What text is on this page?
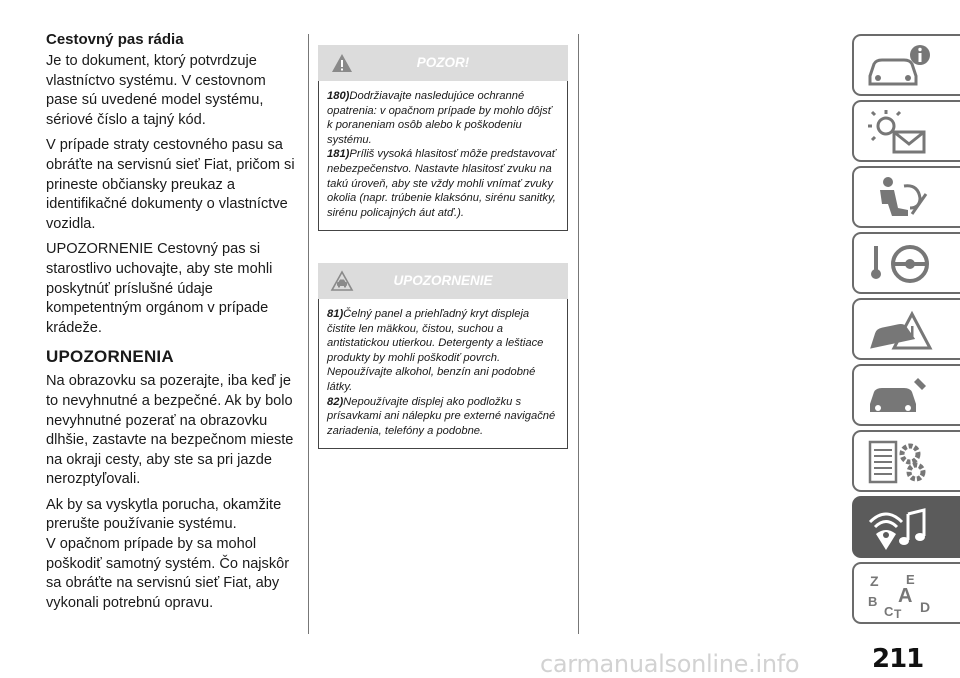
Cestovný pas rádia

Je to dokument, ktorý potvrdzuje vlastníctvo systému. V cestovnom pase sú uvedené model systému, sériové číslo a tajný kód.

V prípade straty cestovného pasu sa obráťte na servisnú sieť Fiat, pričom si prineste občiansky preukaz a identifikačné dokumenty o vlastníctve vozidla.

UPOZORNENIE Cestovný pas si starostlivo uchovajte, aby ste mohli poskytnúť príslušné údaje kompetentným orgánom v prípade krádeže.

UPOZORNENIA

Na obrazovku sa pozerajte, iba keď je to nevyhnutné a bezpečné. Ak by bolo nevyhnutné pozerať na obrazovku dlhšie, zastavte na bezpečnom mieste na okraji cesty, aby ste sa pri jazde nerozptyľovali.

Ak by sa vyskytla porucha, okamžite prerušte používanie systému.

V opačnom prípade by sa mohol poškodiť samotný systém. Čo najskôr sa obráťte na servisnú sieť Fiat, aby vykonali potrebnú opravu.

POZOR!
180)Dodržiavajte nasledujúce ochranné opatrenia: v opačnom prípade by mohlo dôjsť k poraneniam osôb alebo k poškodeniu systému.
181)Príliš vysoká hlasitosť môže predstavovať nebezpečenstvo. Nastavte hlasitosť zvuku na takú úroveň, aby ste vždy mohli vnímať zvuky okolia (napr. trúbenie klaksónu, sirénu sanitky, sirénu policajných áut atď.).
UPOZORNENIE
81)Čelný panel a priehľadný kryt displeja čistite len mäkkou, čistou, suchou a antistatickou utierkou. Detergenty a leštiace produkty by mohli poškodiť povrch. Nepoužívajte alkohol, benzín ani podobné látky.
82)Nepoužívajte displej ako podložku s prísavkami ani nálepku pre externé navigačné zariadenia, telefóny a podobne.
Z E
A
B
C D
T
211
carmanualsonline.info
